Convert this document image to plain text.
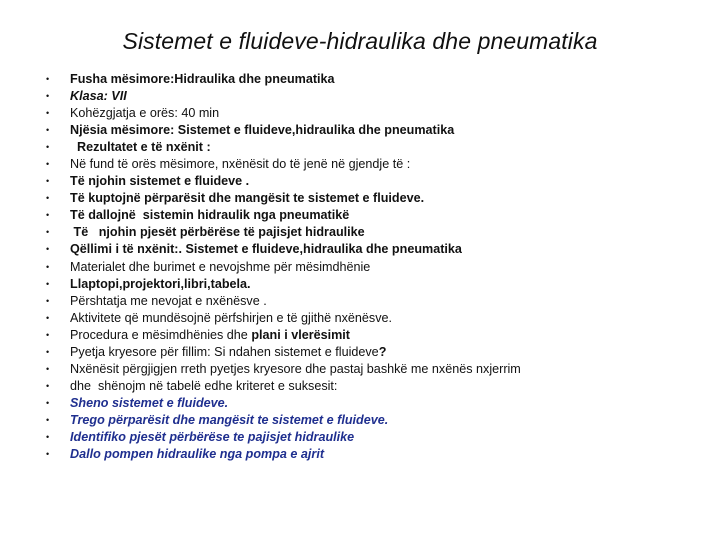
Sistemet e fluideve-hidraulika dhe pneumatika
• Fusha mësimore:Hidraulika dhe pneumatika
• Klasa: VII
• Kohëzgjatja e orës: 40 min
• Njësia mësimore: Sistemet e fluideve,hidraulika dhe pneumatika
• Rezultatet e të nxënit :
• Në fund të orës mësimore, nxënësit do të jenë në gjendje të :
• Të njohin sistemet e fluideve .
• Të kuptojnë përparësit dhe mangësit te sistemet e fluideve.
• Të dallojnë  sistemin hidraulik nga pneumatikë
• Të   njohin pjesët përbërëse të pajisjet hidraulike
• Qëllimi i të nxënit:. Sistemet e fluideve,hidraulika dhe pneumatika
• Materialet dhe burimet e nevojshme për mësimdhënie
• Llaptopi,projektori,libri,tabela.
• Përshtatja me nevojat e nxënësve .
• Aktivitete që mundësojnë përfshirjen e të gjithë nxënësve.
• Procedura e mësimdhënies dhe plani i vlerësimit
• Pyetja kryesore për fillim: Si ndahen sistemet e fluideve?
• Nxënësit përgjigjen rreth pyetjes kryesore dhe pastaj bashkë me nxënës nxjerrim
• dhe  shënojm në tabelë edhe kriteret e suksesit:
• Sheno sistemet e fluideve.
• Trego përparësit dhe mangësit te sistemet e fluideve.
• Identifiko pjesët përbërëse te pajisjet hidraulike
• Dallo pompen hidraulike nga pompa e ajrit
